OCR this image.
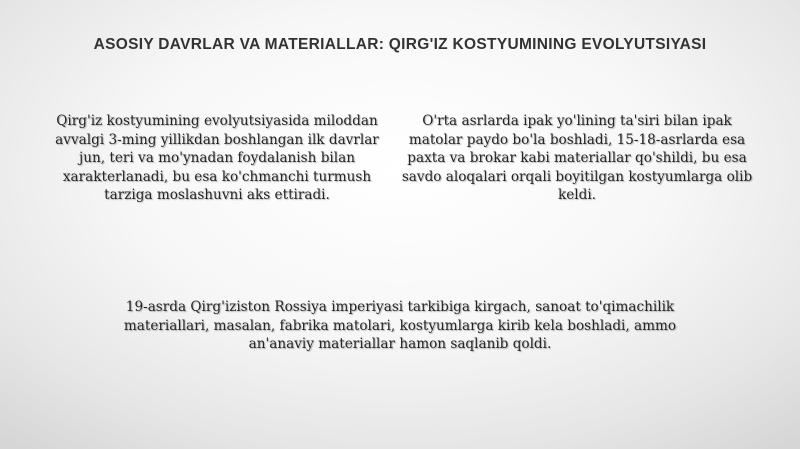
ASOSIY DAVRLAR VA MATERIALLAR: QIRG'IZ KOSTYUMINING EVOLYUTSIYASI
Qirg'iz kostyumining evolyutsiyasida miloddan avvalgi 3-ming yillikdan boshlangan ilk davrlar jun, teri va mo'ynadan foydalanish bilan xarakterlanadi, bu esa ko'chmanchi turmush tarziga moslashuvni aks ettiradi.
O'rta asrlarda ipak yo'lining ta'siri bilan ipak matolar paydo bo'la boshladi, 15-18-asrlarda esa paxta va brokar kabi materiallar qo'shildi, bu esa savdo aloqalari orqali boyitilgan kostyumlarga olib keldi.
19-asrda Qirg'iziston Rossiya imperiyasi tarkibiga kirgach, sanoat to'qimachilik materiallari, masalan, fabrika matolari, kostyumlarga kirib kela boshladi, ammo an'anaviy materiallar hamon saqlanib qoldi.
